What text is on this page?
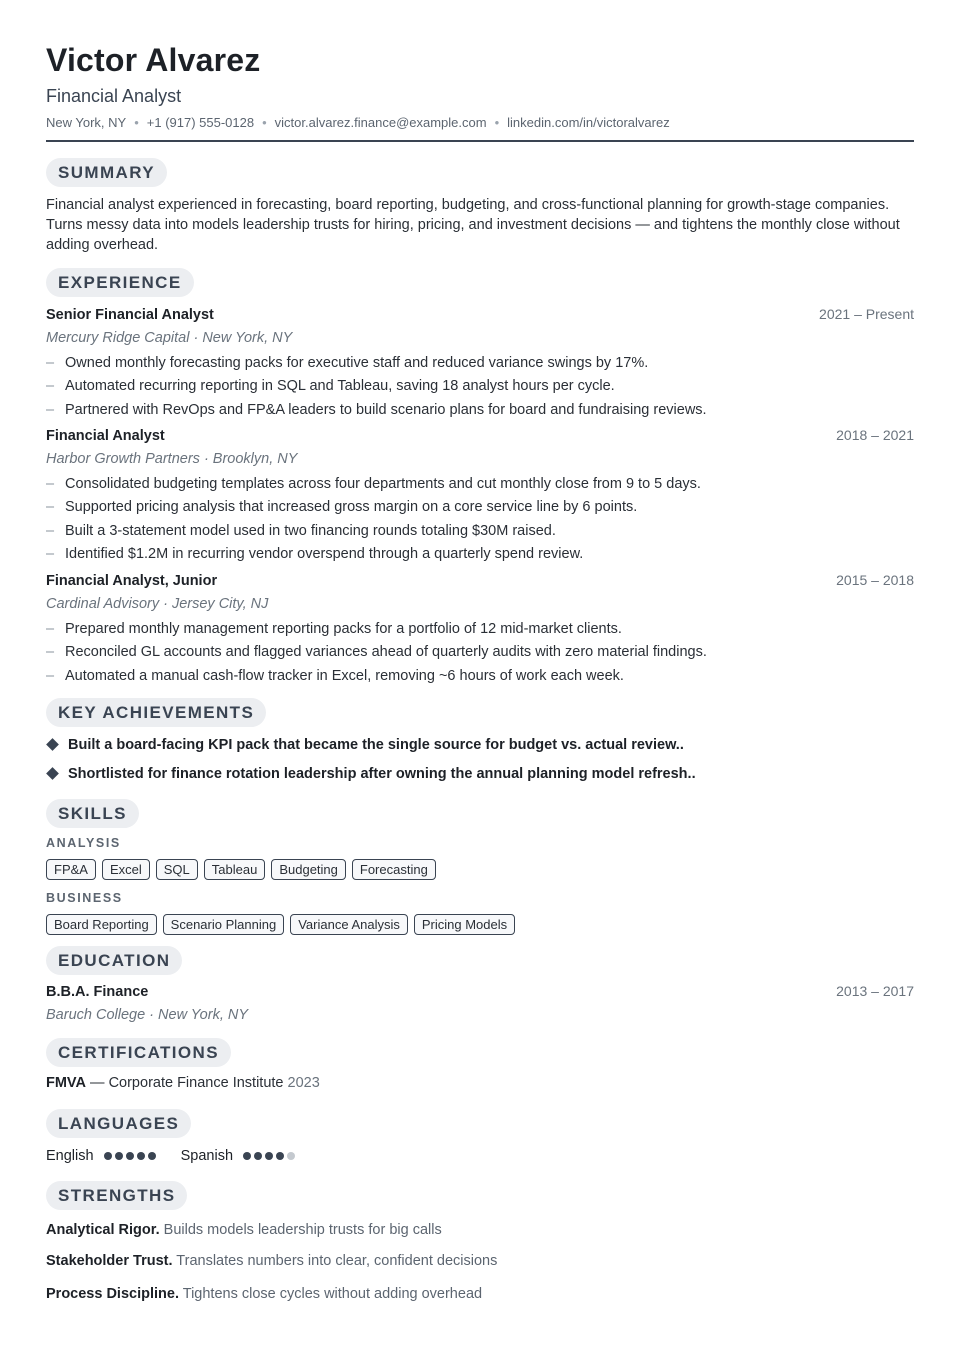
Victor Alvarez
Financial Analyst
New York, NY • +1 (917) 555-0128 • victor.alvarez.finance@example.com • linkedin.com/in/victoralvarez
SUMMARY
Financial analyst experienced in forecasting, board reporting, budgeting, and cross-functional planning for growth-stage companies. Turns messy data into models leadership trusts for hiring, pricing, and investment decisions — and tightens the monthly close without adding overhead.
EXPERIENCE
Senior Financial Analyst	2021 – Present
Mercury Ridge Capital · New York, NY
– Owned monthly forecasting packs for executive staff and reduced variance swings by 17%.
– Automated recurring reporting in SQL and Tableau, saving 18 analyst hours per cycle.
– Partnered with RevOps and FP&A leaders to build scenario plans for board and fundraising reviews.
Financial Analyst	2018 – 2021
Harbor Growth Partners · Brooklyn, NY
– Consolidated budgeting templates across four departments and cut monthly close from 9 to 5 days.
– Supported pricing analysis that increased gross margin on a core service line by 6 points.
– Built a 3-statement model used in two financing rounds totaling $30M raised.
– Identified $1.2M in recurring vendor overspend through a quarterly spend review.
Financial Analyst, Junior	2015 – 2018
Cardinal Advisory · Jersey City, NJ
– Prepared monthly management reporting packs for a portfolio of 12 mid-market clients.
– Reconciled GL accounts and flagged variances ahead of quarterly audits with zero material findings.
– Automated a manual cash-flow tracker in Excel, removing ~6 hours of work each week.
KEY ACHIEVEMENTS
Built a board-facing KPI pack that became the single source for budget vs. actual review..
Shortlisted for finance rotation leadership after owning the annual planning model refresh..
SKILLS
ANALYSIS
FP&A Excel SQL Tableau Budgeting Forecasting
BUSINESS
Board Reporting Scenario Planning Variance Analysis Pricing Models
EDUCATION
B.B.A. Finance	2013 – 2017
Baruch College · New York, NY
CERTIFICATIONS
FMVA — Corporate Finance Institute 2023
LANGUAGES
English	Spanish
STRENGTHS
Analytical Rigor. Builds models leadership trusts for big calls
Stakeholder Trust. Translates numbers into clear, confident decisions
Process Discipline. Tightens close cycles without adding overhead
